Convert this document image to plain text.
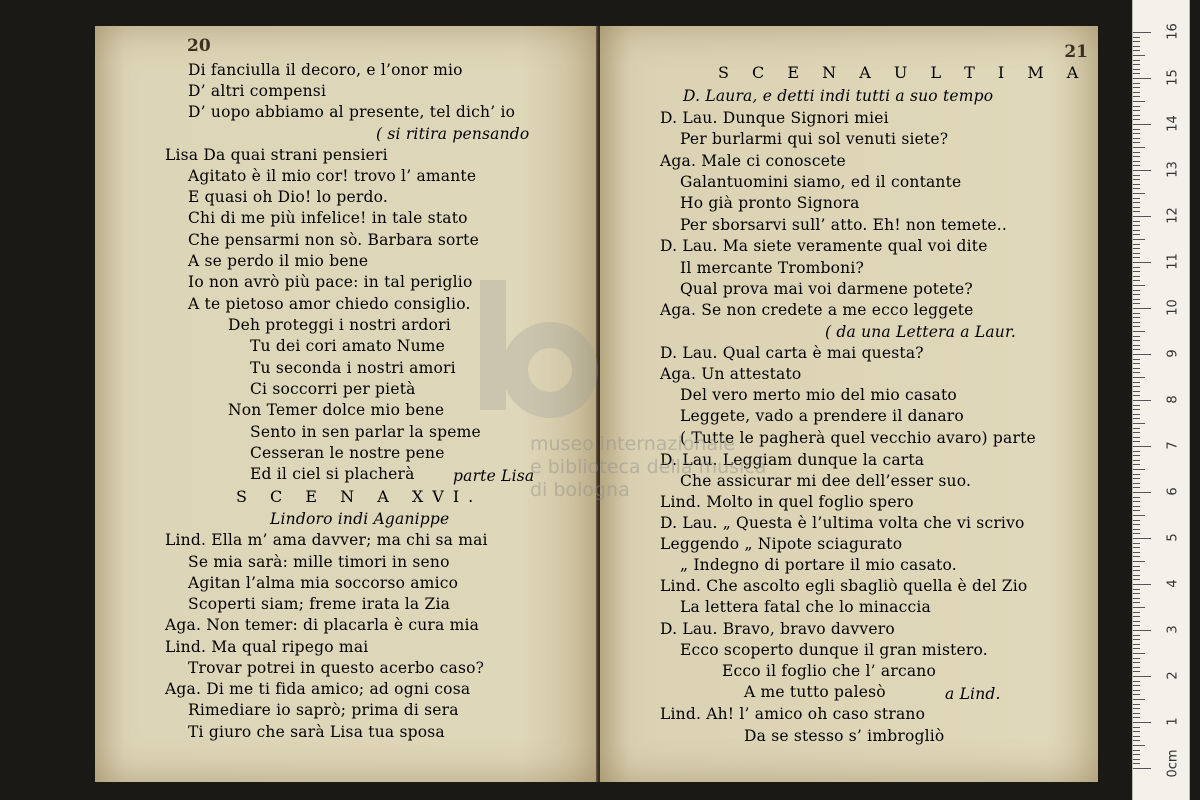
20	21
Di fanciulla il decoro, e l’onor mio
D’ altri compensi
D’ uopo abbiamo al presente, tel dich’ io
( si ritira pensando
Lisa Da quai strani pensieri
Agitato è il mio cor! trovo l’ amante
E quasi oh Dio! lo perdo.
Chi di me più infelice! in tale stato
Che pensarmi non sò. Barbara sorte
A se perdo il mio bene
Io non avrò più pace: in tal periglio
A te pietoso amor chiedo consiglio.
Deh proteggi i nostri ardori
Tu dei cori amato Nume
Tu seconda i nostri amori
Ci soccorri per pietà
Non Temer dolce mio bene
Sento in sen parlar la speme
Cesseran le nostre pene
Ed il ciel si placherà parte Lisa
S C E N A XVI.
Lindoro indi Aganippe
Lind. Ella m’ ama davver; ma chi sa mai
Se mia sarà: mille timori in seno
Agitan l’alma mia soccorso amico
Scoperti siam; freme irata la Zia
Aga. Non temer: di placarla è cura mia
Lind. Ma qual ripego mai
Trovar potrei in questo acerbo caso?
Aga. Di me ti fida amico; ad ogni cosa
Rimediare io saprò; prima di sera
Ti giuro che sarà Lisa tua sposa
S C E N A U L T I M A
D. Laura, e detti indi tutti a suo tempo
D. Lau. Dunque Signori miei
Per burlarmi qui sol venuti siete?
Aga. Male ci conoscete
Galantuomini siamo, ed il contante
Ho già pronto Signora
Per sborsarvi sull’ atto. Eh! non temete..
D. Lau. Ma siete veramente qual voi dite
Il mercante Tromboni?
Qual prova mai voi darmene potete?
Aga. Se non credete a me ecco leggete
( da una Lettera a Laur.
D. Lau. Qual carta è mai questa?
Aga. Un attestato
Del vero merto mio del mio casato
Leggete, vado a prendere il danaro
( Tutte le pagherà quel vecchio avaro) parte
D. Lau. Leggiam dunque la carta
Che assicurar mi dee dell’esser suo.
Lind. Molto in quel foglio spero
D. Lau. „ Questa è l’ultima volta che vi scrivo
Leggendo „ Nipote sciagurato
„ Indegno di portare il mio casato.
Lind. Che ascolto egli sbagliò quella è del Zio
La lettera fatal che lo minaccia
D. Lau. Bravo, bravo davvero
Ecco scoperto dunque il gran mistero.
Ecco il foglio che l’ arcano
A me tutto palesò	a Lind.
Lind. Ah! l’ amico oh caso strano
Da se stesso s’ imbrogliò
museo internazionale
e biblioteca della musica
di bologna
16
15
14
13
12
11
10
9
8
7
6
5
4
3
2
1
0cm
